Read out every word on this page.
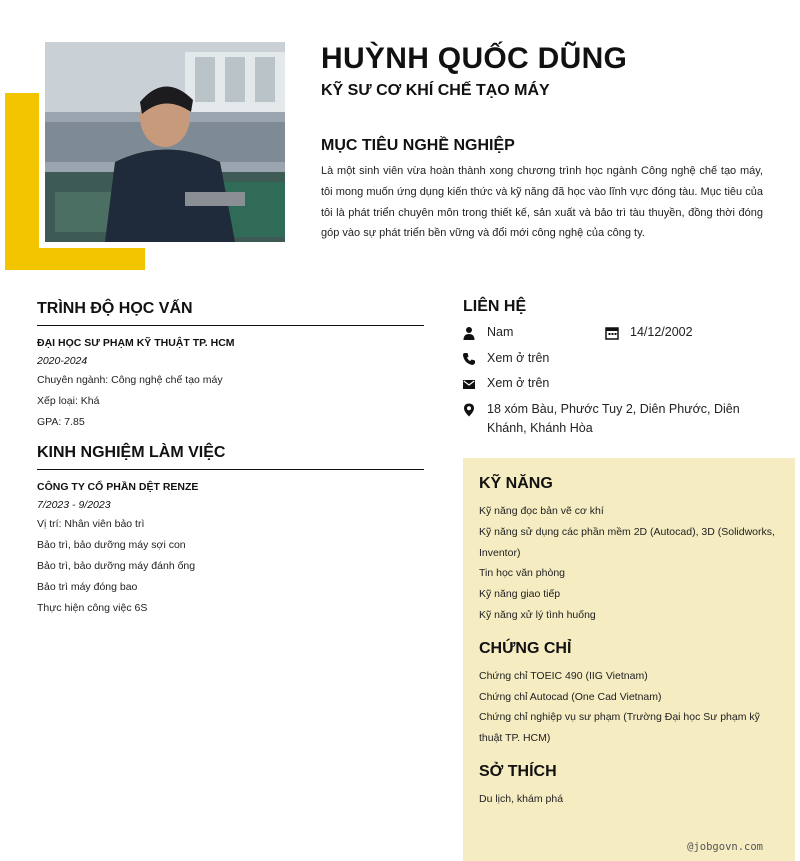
HUỲNH QUỐC DŨNG
KỸ SƯ CƠ KHÍ CHẾ TẠO MÁY
MỤC TIÊU NGHỀ NGHIỆP
Là một sinh viên vừa hoàn thành xong chương trình học ngành Công nghệ chế tạo máy, tôi mong muốn ứng dụng kiến thức và kỹ năng đã học vào lĩnh vực đóng tàu. Mục tiêu của tôi là phát triển chuyên môn trong thiết kế, sản xuất và bảo trì tàu thuyền, đồng thời đóng góp vào sự phát triển bền vững và đổi mới công nghệ của công ty.
TRÌNH ĐỘ HỌC VẤN
ĐẠI HỌC SƯ PHẠM KỸ THUẬT TP. HCM
2020-2024
Chuyên ngành: Công nghệ chế tạo máy
Xếp loại: Khá
GPA: 7.85
KINH NGHIỆM LÀM VIỆC
CÔNG TY CỔ PHẦN DỆT RENZE
7/2023 - 9/2023
Vị trí: Nhân viên bảo trì
Bảo trì, bảo dưỡng máy sợi con
Bảo trì, bảo dưỡng máy đánh ống
Bảo trì máy đóng bao
Thực hiện công việc 6S
LIÊN HỆ
Nam	14/12/2002
Xem ở trên
Xem ở trên
18 xóm Bàu, Phước Tuy 2, Diên Phước, Diên Khánh, Khánh Hòa
KỸ NĂNG
Kỹ năng đọc bản vẽ cơ khí
Kỹ năng sử dụng các phần mềm 2D (Autocad), 3D (Solidworks, Inventor)
Tin học văn phòng
Kỹ năng giao tiếp
Kỹ năng xử lý tình huống
CHỨNG CHỈ
Chứng chỉ TOEIC 490 (IIG Vietnam)
Chứng chỉ Autocad (One Cad Vietnam)
Chứng chỉ nghiệp vụ sư phạm (Trường Đại học Sư phạm kỹ thuật TP. HCM)
SỞ THÍCH
Du lịch, khám phá
@jobgovn.com
